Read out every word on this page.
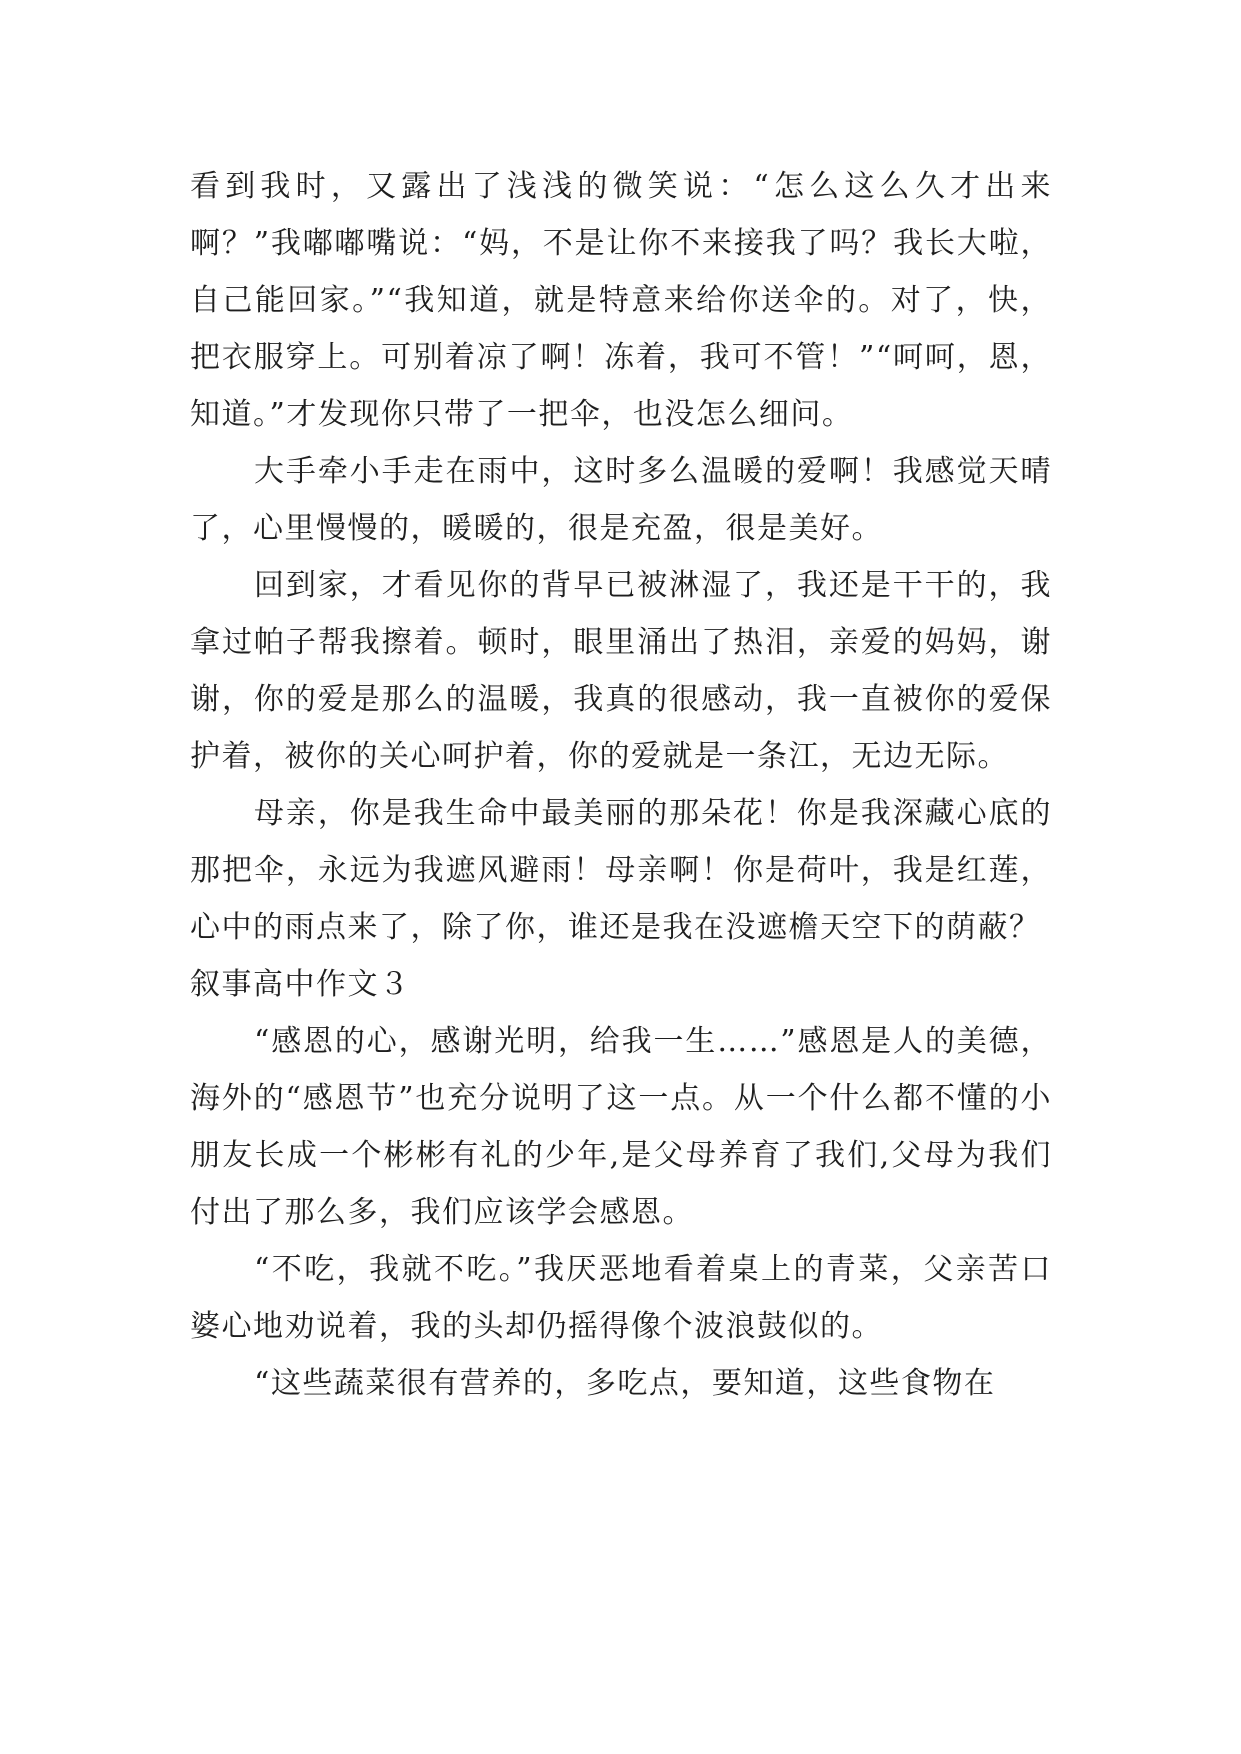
看到我时，又露出了浅浅的微笑说：“怎么这么久才出来啊？”我嘟嘟嘴说：“妈，不是让你不来接我了吗？我长大啦，自己能回家。”“我知道，就是特意来给你送伞的。对了，快，把衣服穿上。可别着凉了啊！冻着，我可不管！”“呵呵，恩，知道。”才发现你只带了一把伞，也没怎么细问。

大手牵小手走在雨中，这时多么温暖的爱啊！我感觉天晴了，心里慢慢的，暖暖的，很是充盈，很是美好。

回到家，才看见你的背早已被淋湿了，我还是干干的，我拿过帕子帮我擦着。顿时，眼里涌出了热泪，亲爱的妈妈，谢谢，你的爱是那么的温暖，我真的很感动，我一直被你的爱保护着，被你的关心呵护着，你的爱就是一条江，无边无际。

母亲，你是我生命中最美丽的那朵花！你是我深藏心底的那把伞，永远为我遮风避雨！母亲啊！你是荷叶，我是红莲，心中的雨点来了，除了你，谁还是我在没遮檐天空下的荫蔽？

叙事高中作文３

“感恩的心，感谢光明，给我一生……”感恩是人的美德，海外的“感恩节”也充分说明了这一点。从一个什么都不懂的小朋友长成一个彬彬有礼的少年,是父母养育了我们,父母为我们付出了那么多，我们应该学会感恩。

“不吃，我就不吃。”我厌恶地看着桌上的青菜，父亲苦口婆心地劝说着，我的头却仍摇得像个波浪鼓似的。

“这些蔬菜很有营养的，多吃点，要知道，这些食物在
